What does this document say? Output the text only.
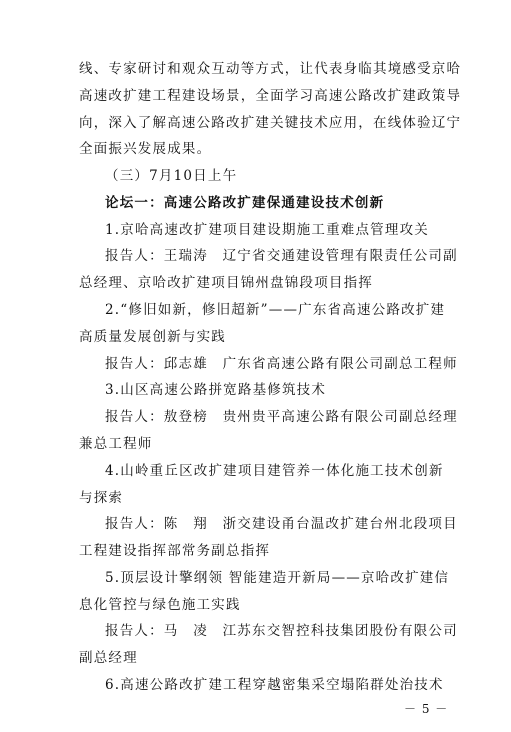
线、专家研讨和观众互动等方式，让代表身临其境感受京哈
高速改扩建工程建设场景，全面学习高速公路改扩建政策导
向，深入了解高速公路改扩建关键技术应用，在线体验辽宁
全面振兴发展成果。
（三）7月10日上午
论坛一：高速公路改扩建保通建设技术创新
1.京哈高速改扩建项目建设期施工重难点管理攻关
报告人：王瑞涛　辽宁省交通建设管理有限责任公司副
总经理、京哈改扩建项目锦州盘锦段项目指挥
2.“修旧如新，修旧超新”——广东省高速公路改扩建
高质量发展创新与实践
报告人：邱志雄　广东省高速公路有限公司副总工程师
3.山区高速公路拼宽路基修筑技术
报告人：敖登榜　贵州贵平高速公路有限公司副总经理
兼总工程师
4.山岭重丘区改扩建项目建管养一体化施工技术创新
与探索
报告人：陈　翔　浙交建设甬台温改扩建台州北段项目
工程建设指挥部常务副总指挥
5.顶层设计擎纲领 智能建造开新局——京哈改扩建信
息化管控与绿色施工实践
报告人：马　凌　江苏东交智控科技集团股份有限公司
副总经理
6.高速公路改扩建工程穿越密集采空塌陷群处治技术
－ 5 －
